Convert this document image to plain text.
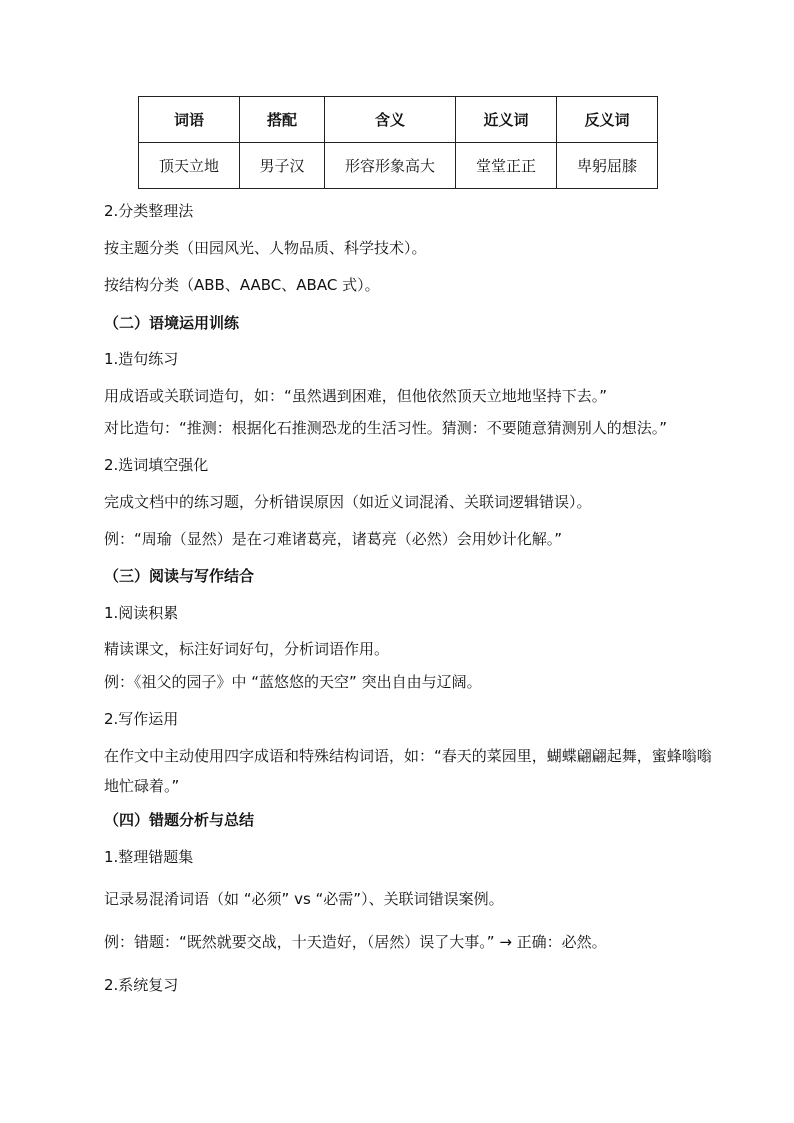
词语	搭配	含义	近义词	反义词
顶天立地	男子汉	形容形象高大	堂堂正正	卑躬屈膝
2.分类整理法
按主题分类（田园风光、人物品质、科学技术）。
按结构分类（ABB、AABC、ABAC 式）。
（二）语境运用训练
1.造句练习
用成语或关联词造句，如：“虽然遇到困难，但他依然顶天立地地坚持下去。”
对比造句：“推测：根据化石推测恐龙的生活习性。猜测：不要随意猜测别人的想法。”
2.选词填空强化
完成文档中的练习题，分析错误原因（如近义词混淆、关联词逻辑错误）。
例：“周瑜（显然）是在刁难诸葛亮，诸葛亮（必然）会用妙计化解。”
（三）阅读与写作结合
1.阅读积累
精读课文，标注好词好句，分析词语作用。
例：《祖父的园子》中 “蓝悠悠的天空” 突出自由与辽阔。
2.写作运用
在作文中主动使用四字成语和特殊结构词语，如：“春天的菜园里，蝴蝶翩翩起舞，蜜蜂嗡嗡地忙碌着。”
（四）错题分析与总结
1.整理错题集
记录易混淆词语（如 “必须” vs “必需”）、关联词错误案例。
例：错题：“既然就要交战，十天造好，（居然）误了大事。” → 正确：必然。
2.系统复习
